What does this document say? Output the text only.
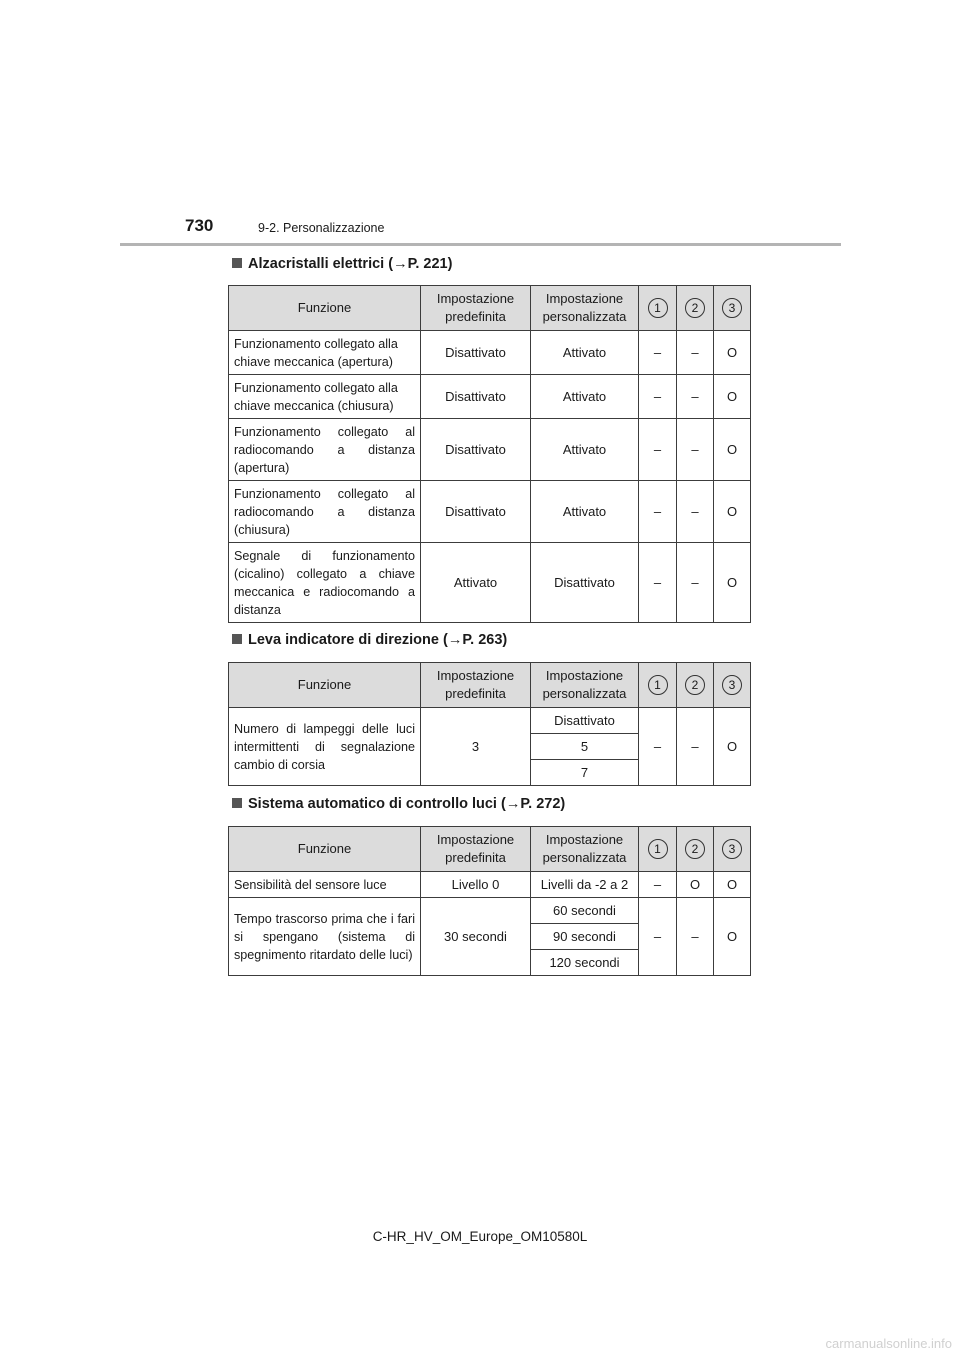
730	9-2. Personalizzazione
Alzacristalli elettrici (→P. 221)
Funzione	Impostazione predefinita	Impostazione personalizzata	1	2	3
Funzionamento collegato alla chiave meccanica (apertura)	Disattivato	Attivato	–	–	O
Funzionamento collegato alla chiave meccanica (chiusura)	Disattivato	Attivato	–	–	O
Funzionamento collegato al radiocomando a distanza (apertura)	Disattivato	Attivato	–	–	O
Funzionamento collegato al radiocomando a distanza (chiusura)	Disattivato	Attivato	–	–	O
Segnale di funzionamento (cicalino) collegato a chiave meccanica e radiocomando a distanza	Attivato	Disattivato	–	–	O
Leva indicatore di direzione (→P. 263)
Funzione	Impostazione predefinita	Impostazione personalizzata	1	2	3
Numero di lampeggi delle luci intermittenti di segnalazione cambio di corsia	3	Disattivato	–	–	O
		5			
		7			
Sistema automatico di controllo luci (→P. 272)
Funzione	Impostazione predefinita	Impostazione personalizzata	1	2	3
Sensibilità del sensore luce	Livello 0	Livelli da -2 a 2	–	O	O
Tempo trascorso prima che i fari si spengano (sistema di spegnimento ritardato delle luci)	30 secondi	60 secondi	–	–	O
		90 secondi			
		120 secondi			
C-HR_HV_OM_Europe_OM10580L
carmanualsonline.info
